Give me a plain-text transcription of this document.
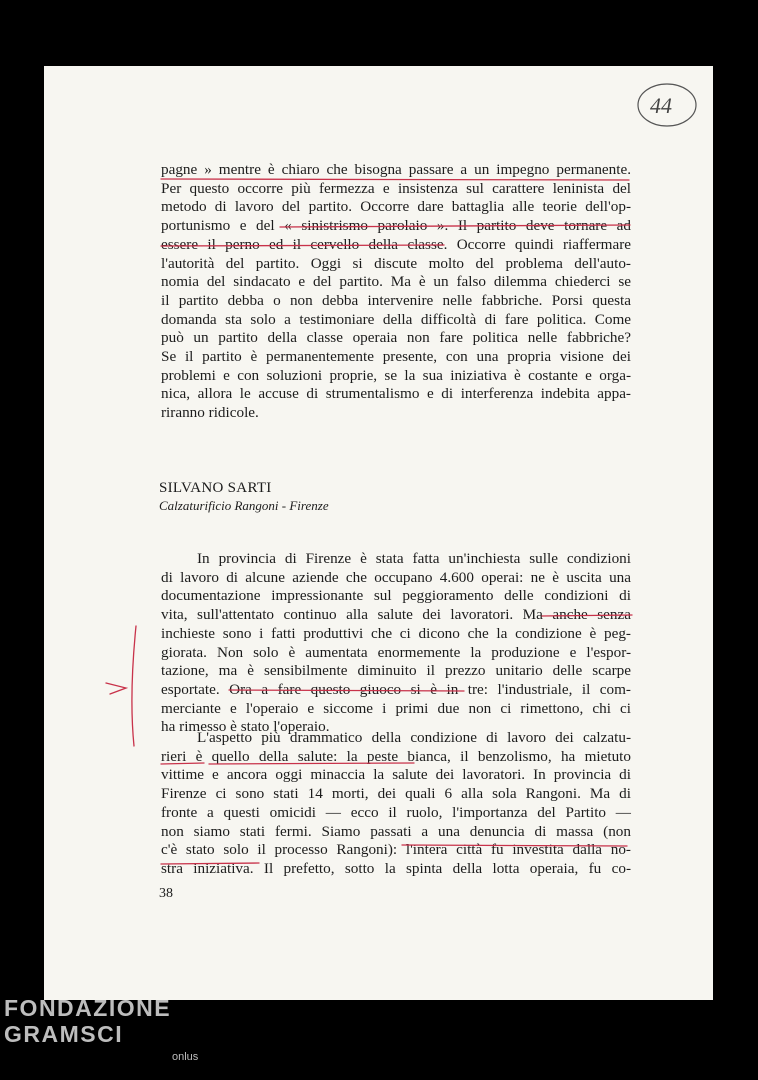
44
pagne » mentre è chiaro che bisogna passare a un impegno permanente.
Per questo occorre più fermezza e insistenza sul carattere leninista del
metodo di lavoro del partito. Occorre dare battaglia alle teorie dell'op-
portunismo e del « sinistrismo parolaio ». Il partito deve tornare ad
essere il perno ed il cervello della classe. Occorre quindi riaffermare
l'autorità del partito. Oggi si discute molto del problema dell'auto-
nomia del sindacato e del partito. Ma è un falso dilemma chiederci se
il partito debba o non debba intervenire nelle fabbriche. Porsi questa
domanda sta solo a testimoniare della difficoltà di fare politica. Come
può un partito della classe operaia non fare politica nelle fabbriche?
Se il partito è permanentemente presente, con una propria visione dei
problemi e con soluzioni proprie, se la sua iniziativa è costante e orga-
nica, allora le accuse di strumentalismo e di interferenza indebita appa-
riranno ridicole.
SILVANO SARTI
Calzaturificio Rangoni - Firenze
In provincia di Firenze è stata fatta un'inchiesta sulle condizioni
di lavoro di alcune aziende che occupano 4.600 operai: ne è uscita una
documentazione impressionante sul peggioramento delle condizioni di
vita, sull'attentato continuo alla salute dei lavoratori. Ma anche senza
inchieste sono i fatti produttivi che ci dicono che la condizione è peg-
giorata. Non solo è aumentata enormemente la produzione e l'espor-
tazione, ma è sensibilmente diminuito il prezzo unitario delle scarpe
esportate. Ora a fare questo giuoco si è in tre: l'industriale, il com-
merciante e l'operaio e siccome i primi due non ci rimettono, chi ci
ha rimesso è stato l'operaio.
L'aspetto più drammatico della condizione di lavoro dei calzatu-
rieri è quello della salute: la peste bianca, il benzolismo, ha mietuto
vittime e ancora oggi minaccia la salute dei lavoratori. In provincia di
Firenze ci sono stati 14 morti, dei quali 6 alla sola Rangoni. Ma di
fronte a questi omicidi — ecco il ruolo, l'importanza del Partito —
non siamo stati fermi. Siamo passati a una denuncia di massa (non
c'è stato solo il processo Rangoni): l'intera città fu investita dalla no-
stra iniziativa. Il prefetto, sotto la spinta della lotta operaia, fu co-
38
FONDAZIONE
GRAMSCI
onlus
